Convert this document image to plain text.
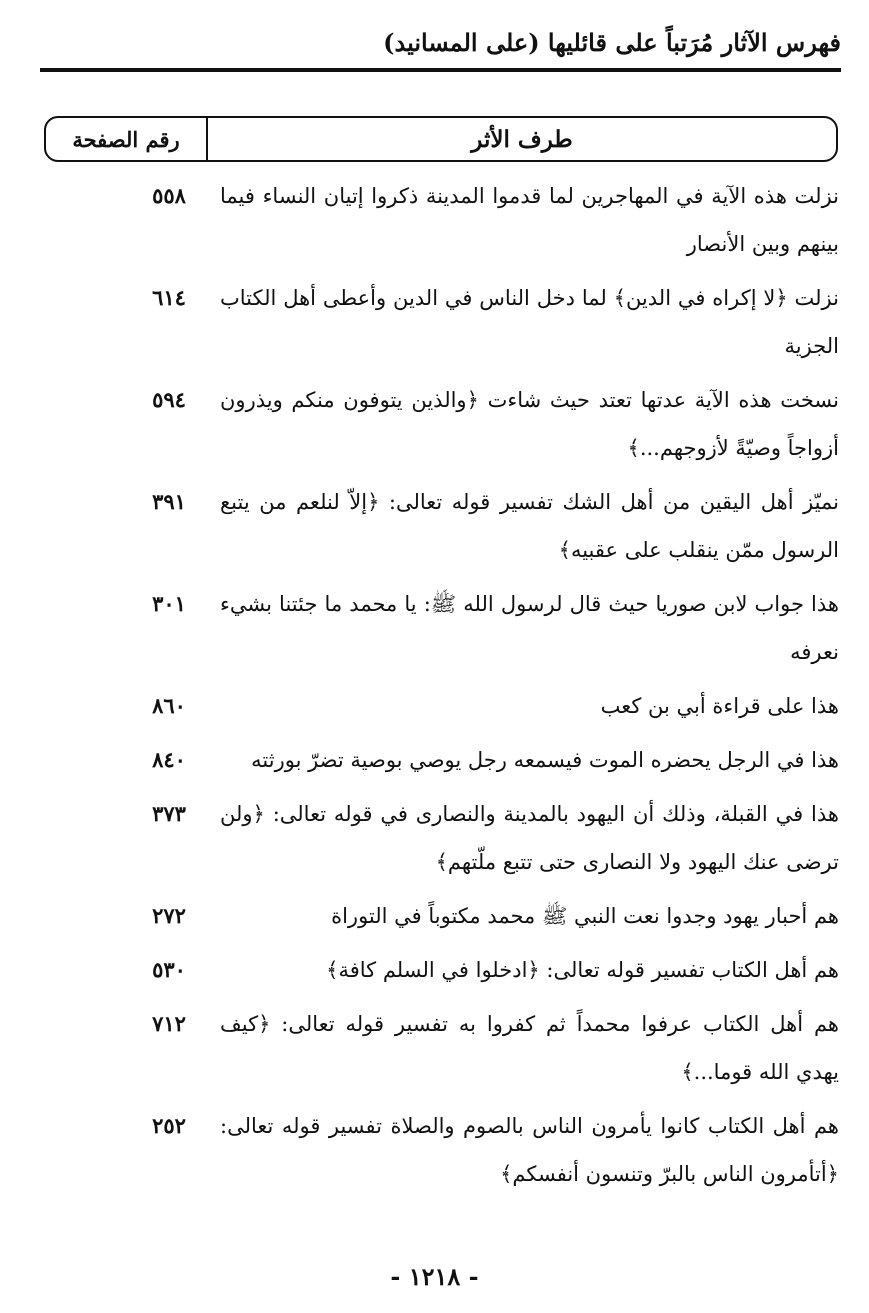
فهرس الآثار مُرَتباً على قائليها (على المسانيد)
طرف الأثر
رقم الصفحة
نزلت هذه الآية في المهاجرين لما قدموا المدينة ذكروا إتيان النساء فيما بينهم وبين الأنصار
٥٥٨
نزلت ﴿لا إكراه في الدين﴾ لما دخل الناس في الدين وأعطى أهل الكتاب الجزية
٦١٤
نسخت هذه الآية عدتها تعتد حيث شاءت ﴿والذين يتوفون منكم ويذرون أزواجاً وصيّةً لأزوجهم...﴾
٥٩٤
نميّز أهل اليقين من أهل الشك تفسير قوله تعالى: ﴿إلاّ لنلعم من يتبع الرسول ممّن ينقلب على عقبيه﴾
٣٩١
هذا جواب لابن صوريا حيث قال لرسول الله ﷺ: يا محمد ما جئتنا بشيء نعرفه
٣٠١
هذا على قراءة أبي بن كعب
٨٦٠
هذا في الرجل يحضره الموت فيسمعه رجل يوصي بوصية تضرّ بورثته
٨٤٠
هذا في القبلة، وذلك أن اليهود بالمدينة والنصارى في قوله تعالى: ﴿ولن ترضى عنك اليهود ولا النصارى حتى تتبع ملّتهم﴾
٣٧٣
هم أحبار يهود وجدوا نعت النبي ﷺ محمد مكتوباً في التوراة
٢٧٢
هم أهل الكتاب تفسير قوله تعالى: ﴿ادخلوا في السلم كافة﴾
٥٣٠
هم أهل الكتاب عرفوا محمداً ثم كفروا به تفسير قوله تعالى: ﴿كيف يهدي الله قوما...﴾
٧١٢
هم أهل الكتاب كانوا يأمرون الناس بالصوم والصلاة تفسير قوله تعالى: ﴿أتأمرون الناس بالبرّ وتنسون أنفسكم﴾
٢٥٢
- ١٢١٨ -
